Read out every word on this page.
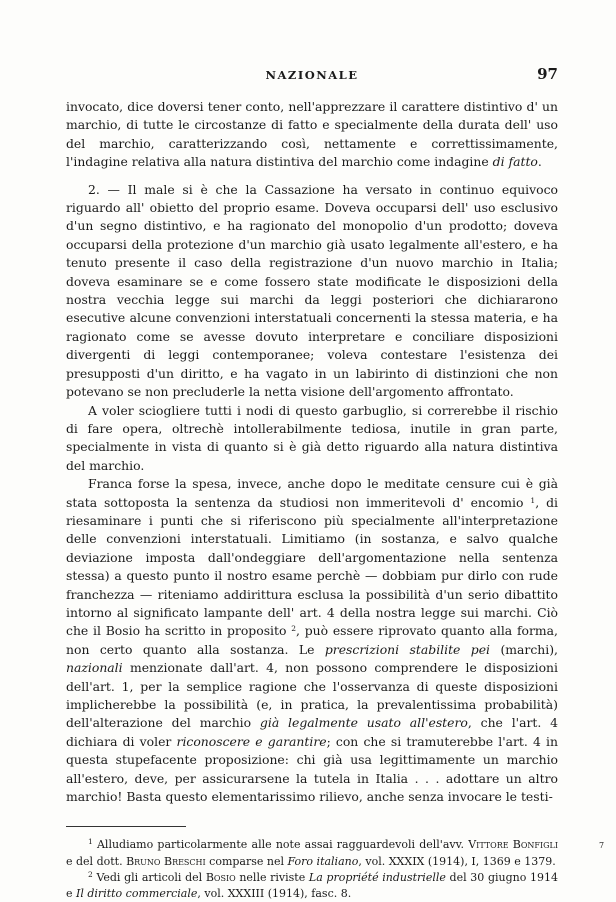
NAZIONALE	97

invocato, dice doversi tener conto, nell'apprezzare il carattere distintivo d' un marchio, di tutte le circostanze di fatto e specialmente della durata dell' uso del marchio, caratterizzando così, nettamente e correttissimamente, l'indagine relativa alla natura distintiva del marchio come indagine di fatto.

2. — Il male si è che la Cassazione ha versato in continuo equivoco riguardo all' obietto del proprio esame. Doveva occuparsi dell' uso esclusivo d'un segno distintivo, e ha ragionato del monopolio d'un prodotto; doveva occuparsi della protezione d'un marchio già usato legalmente all'estero, e ha tenuto presente il caso della registrazione d'un nuovo marchio in Italia; doveva esaminare se e come fossero state modificate le disposizioni della nostra vecchia legge sui marchi da leggi posteriori che dichiararono esecutive alcune convenzioni interstatuali concernenti la stessa materia, e ha ragionato come se avesse dovuto interpretare e conciliare disposizioni divergenti di leggi contemporanee; voleva contestare l'esistenza dei presupposti d'un diritto, e ha vagato in un labirinto di distinzioni che non potevano se non precluderle la netta visione dell'argomento affrontato.

A voler sciogliere tutti i nodi di questo garbuglio, si correrebbe il rischio di fare opera, oltrechè intollerabilmente tediosa, inutile in gran parte, specialmente in vista di quanto si è già detto riguardo alla natura distintiva del marchio.

Franca forse la spesa, invece, anche dopo le meditate censure cui è già stata sottoposta la sentenza da studiosi non immeritevoli d' encomio $^1$, di riesaminare i punti che si riferiscono più specialmente all'interpretazione delle convenzioni interstatuali. Limitiamo (in sostanza, e salvo qualche deviazione imposta dall'ondeggiare dell'argomentazione nella sentenza stessa) a questo punto il nostro esame perchè — dobbiam pur dirlo con rude franchezza — riteniamo addirittura esclusa la possibilità d'un serio dibattito intorno al significato lampante dell' art. 4 della nostra legge sui marchi. Ciò che il Bosio ha scritto in proposito $^2$, può essere riprovato quanto alla forma, non certo quanto alla sostanza. Le prescrizioni stabilite pei (marchi), nazionali menzionate dall'art. 4, non possono comprendere le disposizioni dell'art. 1, per la semplice ragione che l'osservanza di queste disposizioni implicherebbe la possibilità (e, in pratica, la prevalentissima probabilità) dell'alterazione del marchio già legalmente usato all'estero, che l'art. 4 dichiara di voler riconoscere e garantire; con che si tramuterebbe l'art. 4 in questa stupefacente proposizione: chi già usa legittimamente un marchio all'estero, deve, per assicurarsene la tutela in Italia . . . adottare un altro marchio! Basta questo elementarissimo rilievo, anche senza invocare le testi-

$^1$ Alludiamo particolarmente alle note assai ragguardevoli dell'avv. Vittore Bonfigli e del dott. Bruno Breschi comparse nel Foro italiano, vol. XXXIX (1914), I, 1369 e 1379.

$^2$ Vedi gli articoli del Bosio nelle riviste La propriété industrielle del 30 giugno 1914 e Il diritto commerciale, vol. XXXIII (1914), fasc. 8.

7
